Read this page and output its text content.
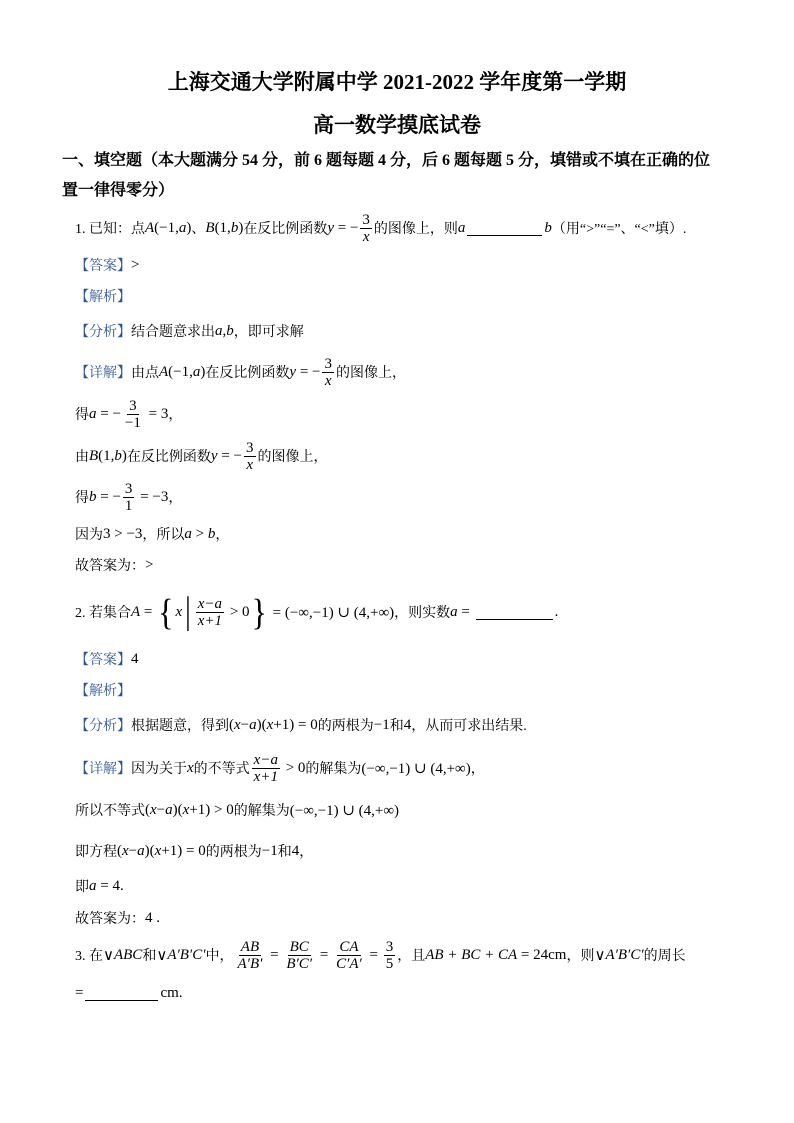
上海交通大学附属中学 2021-2022 学年度第一学期
高一数学摸底试卷
一、填空题（本大题满分 54 分，前 6 题每题 4 分，后 6 题每题 5 分，填错或不填在正确的位
置一律得零分）
1. 已知：点 A (−1, a ) 、 B (1, b ) 在反比例函数 y = − $\frac{3}{x}$ 的图像上，则 a	b （用“>”“=”、“<”填）.
【答案】 >
【解析】
【分析】 结合题意求出 a , b ，即可求解
【详解】 由点 A (−1, a ) 在反比例函数 y = − $\frac{3}{x}$ 的图像上，
得 a = − $\frac{3}{-1} = 3$ ，
由 B (1, b ) 在反比例函数 y = − $\frac{3}{x}$ 的图像上，
得 b = − $\frac{3}{1} = -3$ ，
因为 3 > −3 ，所以 a > b ，
故答案为： >
2. 若集合 A = { x | $\frac{x-a}{x+1} > 0$ } = (−∞,−1) ∪ (4,+∞) ，则实数 a =	.
【答案】 4
【解析】
【分析】 根据题意，得到 ( x − a )( x +1) = 0 的两根为 −1 和 4 ，从而可求出结果.
【详解】 因为关于 x 的不等式 $\frac{x-a}{x+1} > 0$ 的解集为 (−∞,−1) ∪ (4,+∞) ，
所以不等式 ( x − a )( x +1) > 0 的解集为 (−∞,−1) ∪ (4,+∞)
即方程 ( x − a )( x +1) = 0 的两根为 −1 和 4 ，
即 a = 4 .
故答案为： 4 .
3. 在 ∨ ABC 和 ∨ A′B′C′ 中， $\frac{AB}{A'B'} = \frac{BC}{B'C'} = \frac{CA}{C'A'} = \frac{3}{5}$ ，且 AB + BC + CA = 24cm ，则 ∨ A′B′C′ 的周长
=	cm.
